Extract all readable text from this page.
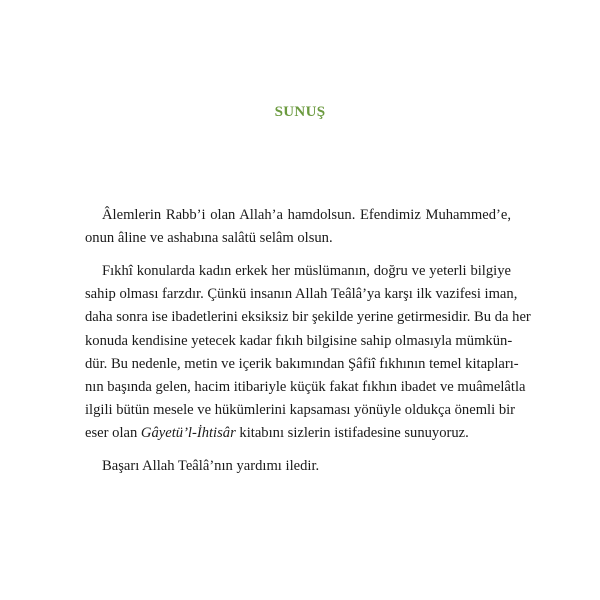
SUNUŞ
Âlemlerin Rabb’i olan Allah’a hamdolsun. Efendimiz Muhammed’e,
onun âline ve ashabına salâtü selâm olsun.
Fıkhî konularda kadın erkek her müslümanın, doğru ve yeterli bilgiye
sahip olması farzdır. Çünkü insanın Allah Teâlâ’ya karşı ilk vazifesi iman,
daha sonra ise ibadetlerini eksiksiz bir şekilde yerine getirmesidir. Bu da her
konuda kendisine yetecek kadar fıkıh bilgisine sahip olmasıyla mümkün-
dür. Bu nedenle, metin ve içerik bakımından Şâfiî fıkhının temel kitapları-
nın başında gelen, hacim itibariyle küçük fakat fıkhın ibadet ve muâmelâtla
ilgili bütün mesele ve hükümlerini kapsaması yönüyle oldukça önemli bir
eser olan Gâyetü’l-İhtisâr kitabını sizlerin istifadesine sunuyoruz.
Başarı Allah Teâlâ’nın yardımı iledir.
